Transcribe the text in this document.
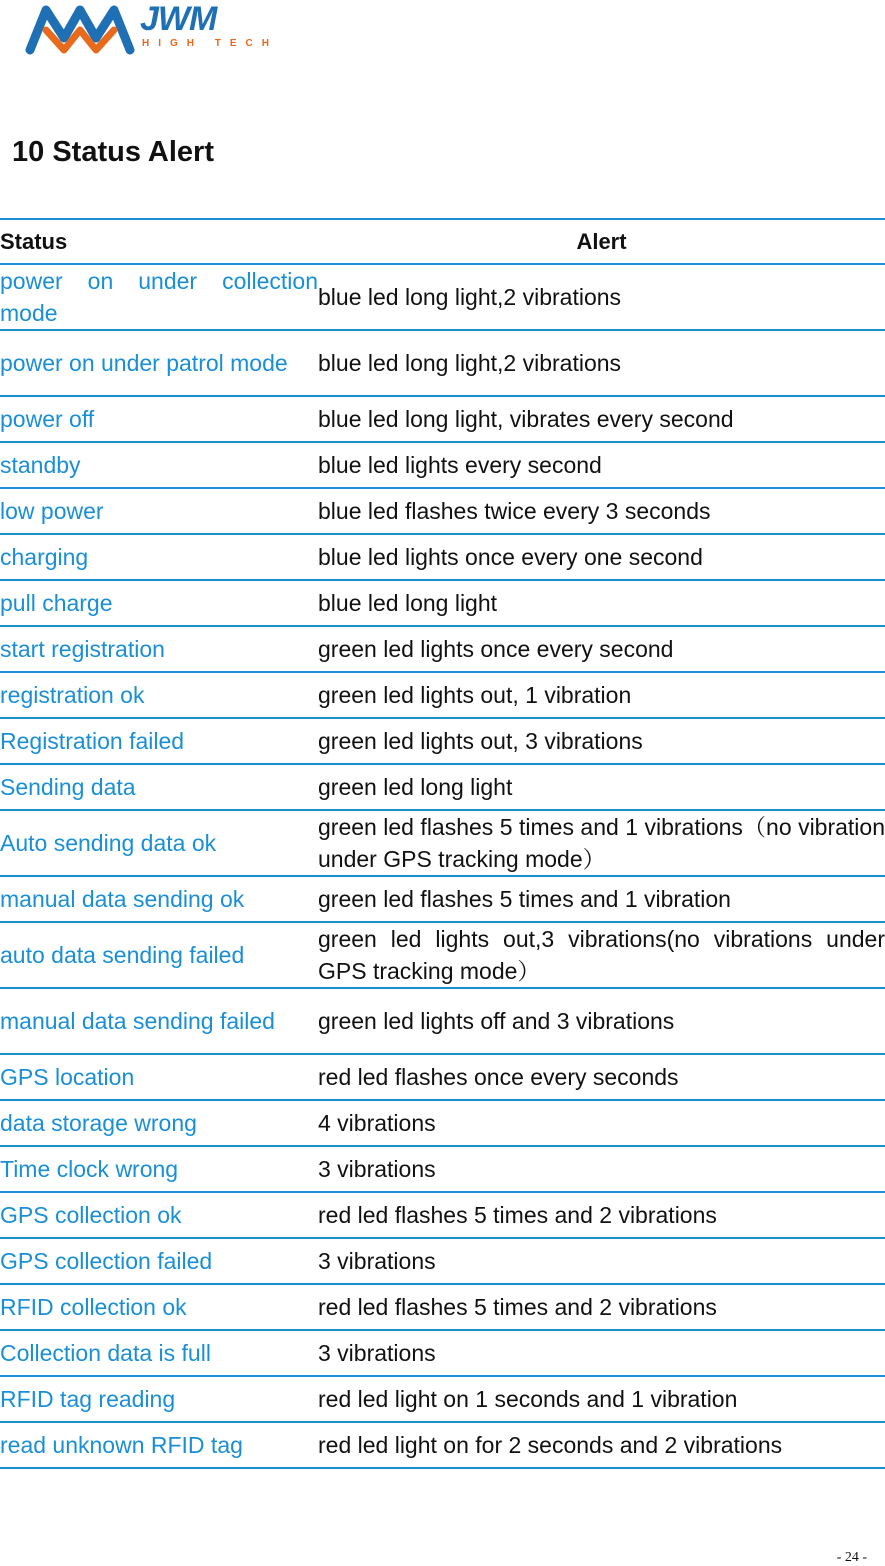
JWM
HIGH TECH
10 Status Alert
Status	Alert
power on under collection mode	blue led long light,2 vibrations
power on under patrol mode	blue led long light,2 vibrations
power off	blue led long light, vibrates every second
standby	blue led lights every second
low power	blue led flashes twice every 3 seconds
charging	blue led lights once every one second
pull charge	blue led long light
start registration	green led lights once every second
registration ok	green led lights out, 1 vibration
Registration failed	green led lights out, 3 vibrations
Sending data	green led long light
Auto sending data ok	green led flashes 5 times and 1 vibrations（no vibration under GPS tracking mode）
manual data sending ok	green led flashes 5 times and 1 vibration
auto data sending failed	green led lights out,3 vibrations(no vibrations under GPS tracking mode）
manual data sending failed	green led lights off and 3 vibrations
GPS location	red led flashes once every seconds
data storage wrong	4 vibrations
Time clock wrong	3 vibrations
GPS collection ok	red led flashes 5 times and 2 vibrations
GPS collection failed	3 vibrations
RFID collection ok	red led flashes 5 times and 2 vibrations
Collection data is full	3 vibrations
RFID tag reading	red led light on 1 seconds and 1 vibration
read unknown RFID tag	red led light on for 2 seconds and 2 vibrations
- 24 -
